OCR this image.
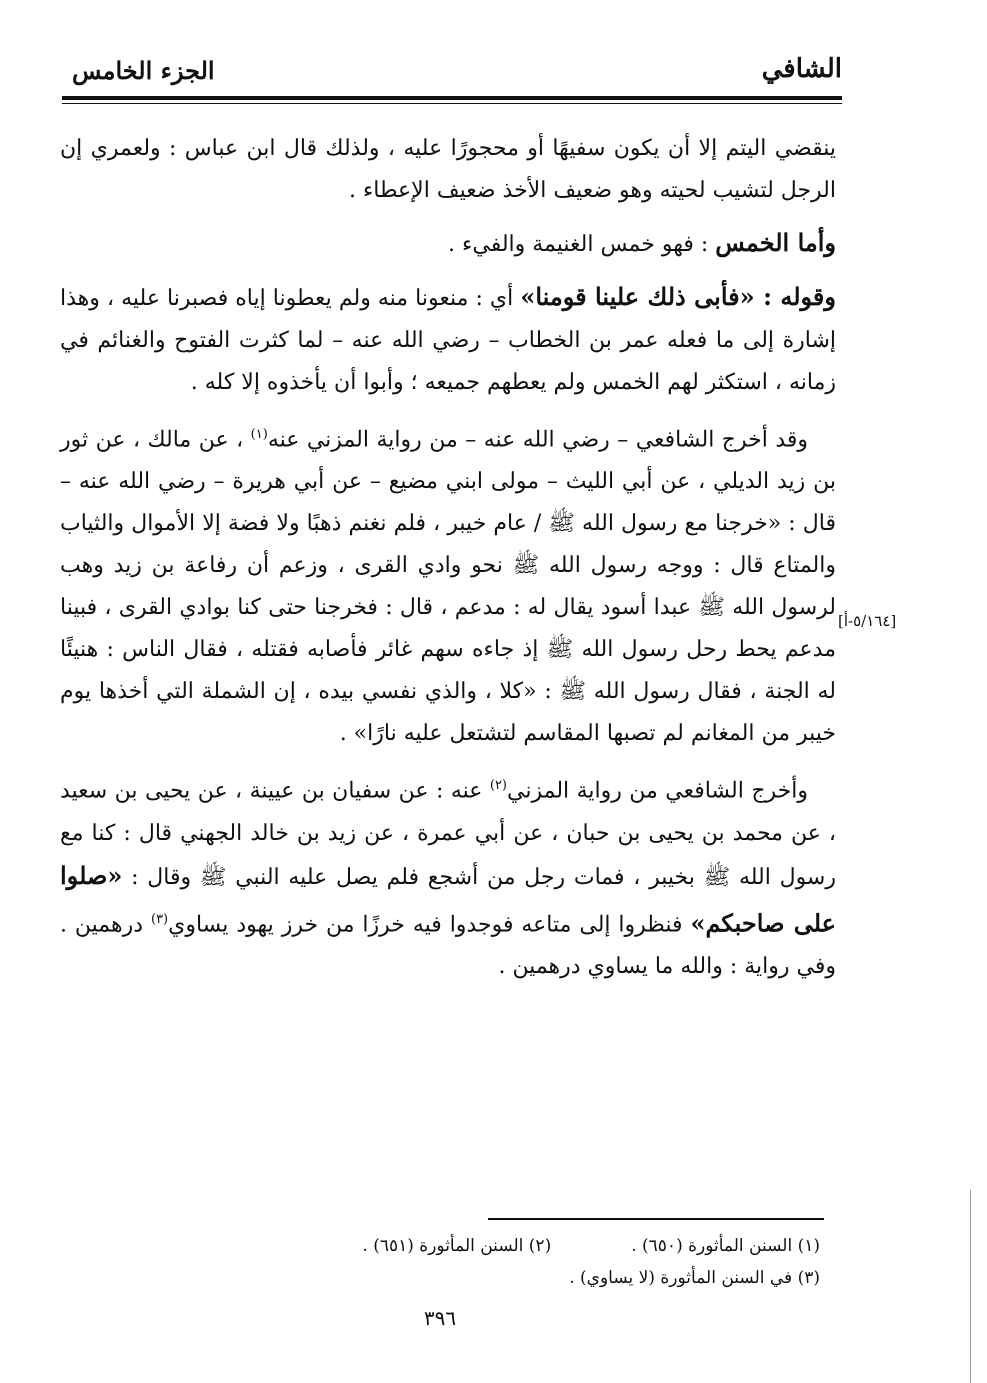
الجزء الخامس	الشافي

ينقضي اليتم إلا أن يكون سفيهًا أو محجورًا عليه ، ولذلك قال ابن عباس : ولعمري إن الرجل لتشيب لحيته وهو ضعيف الأخذ ضعيف الإعطاء .

وأما الخمس : فهو خمس الغنيمة والفيء .

وقوله : «فأبى ذلك علينا قومنا» أي : منعونا منه ولم يعطونا إياه فصبرنا عليه ، وهذا إشارة إلى ما فعله عمر بن الخطاب – رضي الله عنه – لما كثرت الفتوح والغنائم في زمانه ، استكثر لهم الخمس ولم يعطهم جميعه ؛ وأبوا أن يأخذوه إلا كله .

وقد أخرج الشافعي – رضي الله عنه – من رواية المزني عنه$^{(١)}$ ، عن مالك ، عن ثور بن زيد الديلي ، عن أبي الليث – مولى ابني مضيع – عن أبي هريرة – رضي الله عنه – قال : «خرجنا مع رسول الله ﷺ / عام خيبر ، فلم نغنم ذهبًا ولا فضة إلا الأموال والثياب والمتاع قال : ووجه رسول الله ﷺ نحو وادي القرى ، وزعم أن رفاعة بن زيد وهب لرسول الله ﷺ عبدا أسود يقال له : مدعم ، قال : فخرجنا حتى كنا بوادي القرى ، فبينا مدعم يحط رحل رسول الله ﷺ إذ جاءه سهم غائر فأصابه فقتله ، فقال الناس : هنيئًا له الجنة ، فقال رسول الله ﷺ : «كلا ، والذي نفسي بيده ، إن الشملة التي أخذها يوم خيبر من المغانم لم تصبها المقاسم لتشتعل عليه نارًا» .

وأخرج الشافعي من رواية المزني$^{(٢)}$ عنه : عن سفيان بن عيينة ، عن يحيى بن سعيد ، عن محمد بن يحيى بن حبان ، عن أبي عمرة ، عن زيد بن خالد الجهني قال : كنا مع رسول الله ﷺ بخيبر ، فمات رجل من أشجع فلم يصل عليه النبي ﷺ وقال : «صلوا على صاحبكم» فنظروا إلى متاعه فوجدوا فيه خرزًا من خرز يهود يساوي$^{(٣)}$ درهمين . وفي رواية : والله ما يساوي درهمين .

[٥/١٦٤-أ]
(١) السنن المأثورة (٦٥٠) .
(٢) السنن المأثورة (٦٥١) .
(٣) في السنن المأثورة (لا يساوي) .
٣٩٦
